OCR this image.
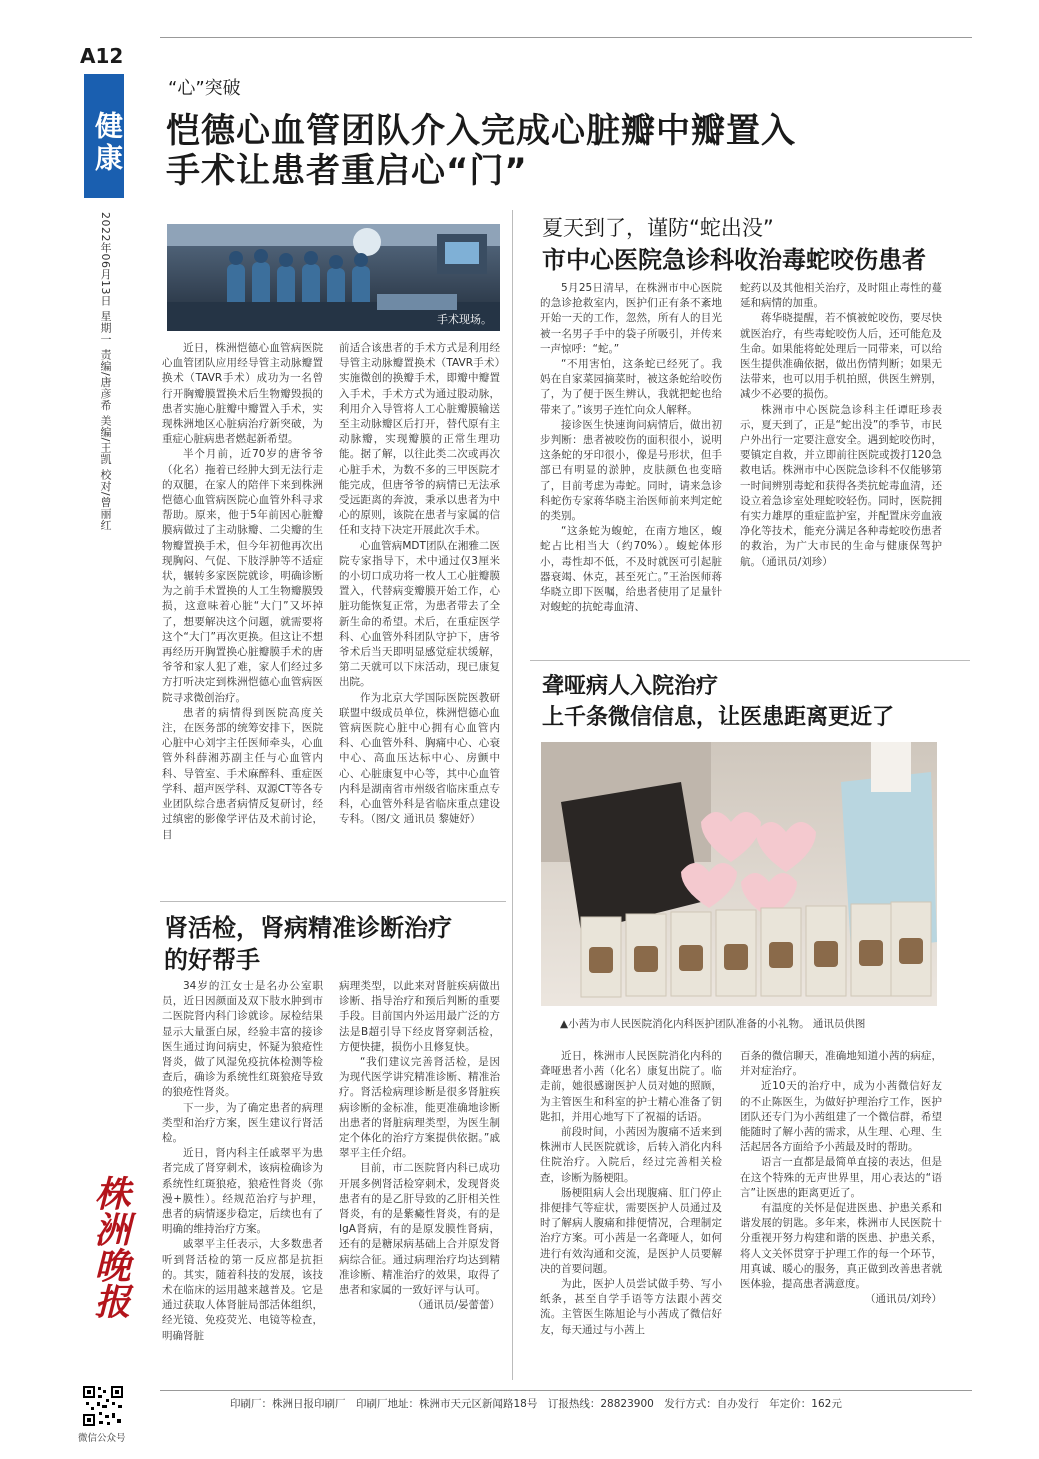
A12
健康
2022年06月13日 星期一 责编/唐彦希 美编/王凯 校对/曾丽红
株洲晚报
微信公众号
“心”突破
恺德心血管团队介入完成心脏瓣中瓣置入
手术让患者重启心“门”
手术现场。

近日，株洲恺德心血管病医院心血管团队应用经导管主动脉瓣置换术（TAVR手术）成功为一名曾行开胸瓣膜置换术后生物瓣毁损的患者实施心脏瓣中瓣置入手术，实现株洲地区心脏病治疗新突破，为重症心脏病患者燃起新希望。

半个月前，近70岁的唐爷爷（化名）拖着已经肿大到无法行走的双腿，在家人的陪伴下来到株洲恺德心血管病医院心血管外科寻求帮助。原来，他于5年前因心脏瓣膜病做过了主动脉瓣、二尖瓣的生物瓣置换手术，但今年初他再次出现胸闷、气促、下肢浮肿等不适症状，辗转多家医院就诊，明确诊断为之前手术置换的人工生物瓣膜毁损，这意味着心脏“大门”又坏掉了，想要解决这个问题，就需要将这个“大门”再次更换。但这让不想再经历开胸置换心脏瓣膜手术的唐爷爷和家人犯了难，家人们经过多方打听决定到株洲恺德心血管病医院寻求微创治疗。

患者的病情得到医院高度关注，在医务部的统筹安排下，医院心脏中心刘宇主任医师牵头，心血管外科薛湘苏副主任与心血管内科、导管室、手术麻醉科、重症医学科、超声医学科、双源CT等各专业团队综合患者病情反复研讨，经过缜密的影像学评估及术前讨论，目

前适合该患者的手术方式是利用经导管主动脉瓣置换术（TAVR手术）实施微创的换瓣手术，即瓣中瓣置入手术，手术方式为通过股动脉，利用介入导管将人工心脏瓣膜输送至主动脉瓣区后打开，替代原有主动脉瓣，实现瓣膜的正常生理功能。据了解，以往此类二次或再次心脏手术，为数不多的三甲医院才能完成，但唐爷爷的病情已无法承受远距离的奔波，秉承以患者为中心的原则，该院在患者与家属的信任和支持下决定开展此次手术。

心血管病MDT团队在湘雅二医院专家指导下，术中通过仅3厘米的小切口成功将一枚人工心脏瓣膜置入，代替病变瓣膜开始工作，心脏功能恢复正常，为患者带去了全新生命的希望。术后，在重症医学科、心血管外科团队守护下，唐爷爷术后当天即明显感觉症状缓解，第二天就可以下床活动，现已康复出院。

作为北京大学国际医院医教研联盟中级成员单位，株洲恺德心血管病医院心脏中心拥有心血管内科、心血管外科、胸痛中心、心衰中心、高血压达标中心、房颤中心、心脏康复中心等，其中心血管内科是湖南省市州级省临床重点专科，心血管外科是省临床重点建设专科。（图/文 通讯员 黎婕妤）

肾活检，肾病精准诊断治疗
的好帮手

34岁的江女士是名办公室职员，近日因颜面及双下肢水肿到市二医院肾内科门诊就诊。尿检结果显示大量蛋白尿，经验丰富的接诊医生通过询问病史，怀疑为狼疮性肾炎，做了风湿免疫抗体检测等检查后，确诊为系统性红斑狼疮导致的狼疮性肾炎。

下一步，为了确定患者的病理类型和治疗方案，医生建议行肾活检。

近日，肾内科主任戚翠平为患者完成了肾穿刺术，该病检确诊为系统性红斑狼疮，狼疮性肾炎（弥漫+膜性）。经规范治疗与护理，患者的病情逐步稳定，后续也有了明确的维持治疗方案。

戚翠平主任表示，大多数患者听到肾活检的第一反应都是抗拒的。其实，随着科技的发展，该技术在临床的运用越来越普及。它是通过获取人体肾脏局部活体组织，经光镜、免疫荧光、电镜等检查，明确肾脏

病理类型，以此来对肾脏疾病做出诊断、指导治疗和预后判断的重要手段。目前国内外运用最广泛的方法是B超引导下经皮肾穿刺活检，方便快捷，损伤小且修复快。

“我们建议完善肾活检，是因为现代医学讲究精准诊断、精准治疗。肾活检病理诊断是很多肾脏疾病诊断的金标准，能更准确地诊断出患者的肾脏病理类型，为医生制定个体化的治疗方案提供依据。”戚翠平主任介绍。

目前，市二医院肾内科已成功开展多例肾活检穿刺术，发现肾炎患者有的是乙肝导致的乙肝相关性肾炎，有的是紫癜性肾炎，有的是IgA肾病，有的是原发膜性肾病，还有的是糖尿病基础上合并原发肾病综合征。通过病理治疗均达到精准诊断、精准治疗的效果，取得了患者和家属的一致好评与认可。

（通讯员/晏蕾蕾）

夏天到了，谨防“蛇出没”
市中心医院急诊科收治毒蛇咬伤患者

5月25日清早，在株洲市中心医院的急诊抢救室内，医护们正有条不紊地开始一天的工作，忽然，所有人的目光被一名男子手中的袋子所吸引，并传来一声惊呼：“蛇。”

“不用害怕，这条蛇已经死了。我妈在自家菜园摘菜时，被这条蛇给咬伤了，为了便于医生辨认，我就把蛇也给带来了。”该男子连忙向众人解释。

接诊医生快速询问病情后，做出初步判断：患者被咬伤的面积很小，说明这条蛇的牙印很小，像是号形状，但手部已有明显的淤肿，皮肤颜色也变暗了，目前考虑为毒蛇。同时，请来急诊科蛇伤专家蒋华晓主治医师前来判定蛇的类别。

“这条蛇为蝮蛇，在南方地区，蝮蛇占比相当大（约70%）。蝮蛇体形小，毒性却不低，不及时就医可引起脏器衰竭、休克，甚至死亡。”王治医师蒋华晓立即下医嘱，给患者使用了足量针对蝮蛇的抗蛇毒血清、

蛇药以及其他相关治疗，及时阻止毒性的蔓延和病情的加重。

蒋华晓提醒，若不慎被蛇咬伤，要尽快就医治疗，有些毒蛇咬伤人后，还可能危及生命。如果能将蛇处理后一同带来，可以给医生提供准确依据，做出伤情判断；如果无法带来，也可以用手机拍照，供医生辨别，减少不必要的损伤。

株洲市中心医院急诊科主任谭旺珍表示，夏天到了，正是“蛇出没”的季节，市民户外出行一定要注意安全。遇到蛇咬伤时，要镇定自救，并立即前往医院或拨打120急救电话。株洲市中心医院急诊科不仅能够第一时间辨别毒蛇和获得各类抗蛇毒血清，还设立着急诊室处理蛇咬轻伤。同时，医院拥有实力雄厚的重症监护室，并配置床旁血液净化等技术，能充分满足各种毒蛇咬伤患者的救治，为广大市民的生命与健康保驾护航。（通讯员/刘珍）

聋哑病人入院治疗
上千条微信信息，让医患距离更近了
▲小茜为市人民医院消化内科医护团队准备的小礼物。 通讯员供图

近日，株洲市人民医院消化内科的聋哑患者小茜（化名）康复出院了。临走前，她很感谢医护人员对她的照顾，为主管医生和科室的护士精心准备了钥匙扣，并用心地写下了祝福的话语。

前段时间，小茜因为腹痛不适来到株洲市人民医院就诊，后转入消化内科住院治疗。入院后，经过完善相关检查，诊断为肠梗阻。

肠梗阻病人会出现腹痛、肛门停止排便排气等症状，需要医护人员通过及时了解病人腹痛和排便情况，合理制定治疗方案。可小茜是一名聋哑人，如何进行有效沟通和交流，是医护人员要解决的首要问题。

为此，医护人员尝试做手势、写小纸条，甚至自学手语等方法跟小茜交流。主管医生陈旭论与小茜成了微信好友，每天通过与小茜上

百条的微信聊天，准确地知道小茜的病症，并对症治疗。

近10天的治疗中，成为小茜微信好友的不止陈医生，为做好护理治疗工作，医护团队还专门为小茜组建了一个微信群，希望能随时了解小茜的需求，从生理、心理、生活起居各方面给予小茜最及时的帮助。

语言一直都是最简单直接的表达，但是在这个特殊的无声世界里，用心表达的“语言”让医患的距离更近了。

有温度的关怀是促进医患、护患关系和谐发展的钥匙。多年来，株洲市人民医院十分重视开努力构建和谐的医患、护患关系，将人文关怀贯穿于护理工作的每一个环节，用真诚、暖心的服务，真正做到改善患者就医体验，提高患者满意度。

（通讯员/刘玲）

印刷厂：株洲日报印刷厂　印刷厂地址：株洲市天元区新闻路18号　订报热线：28823900　发行方式：自办发行　年定价：162元
